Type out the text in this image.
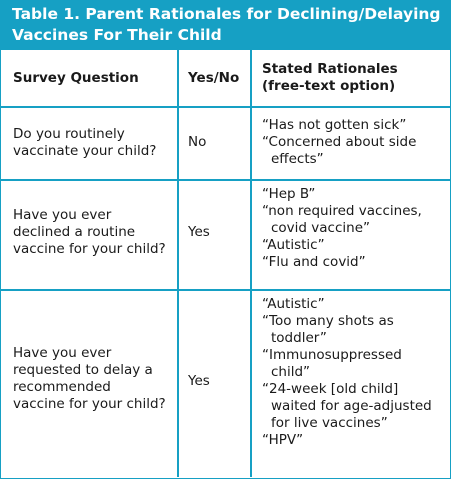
Table 1. Parent Rationales for Declining/Delaying
Vaccines For Their Child
Survey Question	Yes/No
Stated Rationales
(free-text option)
Do you routinely
vaccinate your child?
No
“Has not gotten sick”
“Concerned about side
effects”
Have you ever
declined a routine
vaccine for your child?
Yes
“Hep B”
“non required vaccines,
covid vaccine”
“Autistic”
“Flu and covid”
Have you ever
requested to delay a
recommended
vaccine for your child?
Yes
“Autistic”
“Too many shots as
toddler”
“Immunosuppressed
child”
“24-week [old child]
waited for age-adjusted
for live vaccines”
“HPV”
